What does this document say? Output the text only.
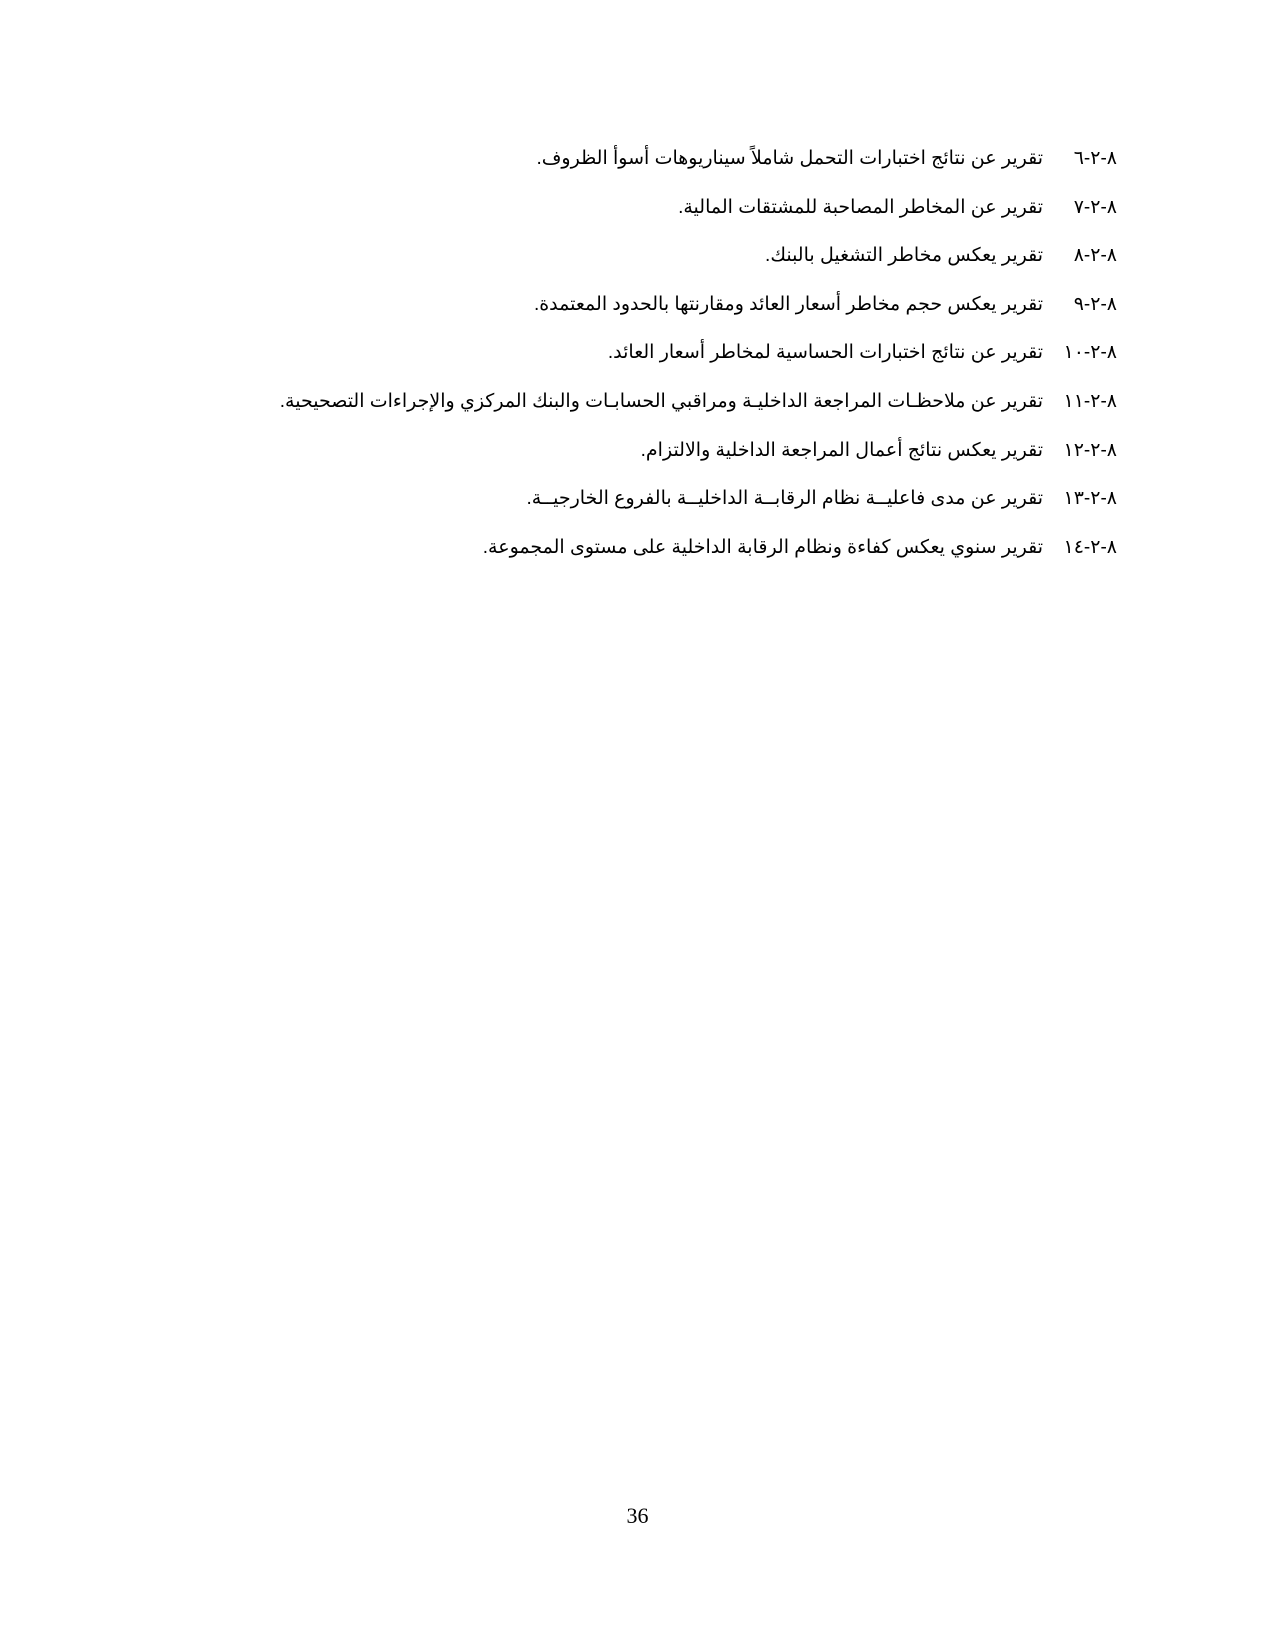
٨-٢-٦
تقرير عن نتائج اختبارات التحمل شاملاً سيناريوهات أسوأ الظروف.
٨-٢-٧
تقرير عن المخاطر المصاحبة للمشتقات المالية.
٨-٢-٨
تقرير يعكس مخاطر التشغيل بالبنك.
٨-٢-٩
تقرير يعكس حجم مخاطر أسعار العائد ومقارنتها بالحدود المعتمدة.
٨-٢-١٠
تقرير عن نتائج اختبارات الحساسية لمخاطر أسعار العائد.
٨-٢-١١
تقرير عن ملاحظـات المراجعة الداخليـة ومراقبي الحسابـات والبنك المركزي والإجراءات التصحيحية.
٨-٢-١٢
تقرير يعكس نتائج أعمال المراجعة الداخلية والالتزام.
٨-٢-١٣
تقرير عن مدى فاعليــة نظام الرقابــة الداخليــة بالفروع الخارجيــة.
٨-٢-١٤
تقرير سنوي يعكس كفاءة ونظام الرقابة الداخلية على مستوى المجموعة.
36
